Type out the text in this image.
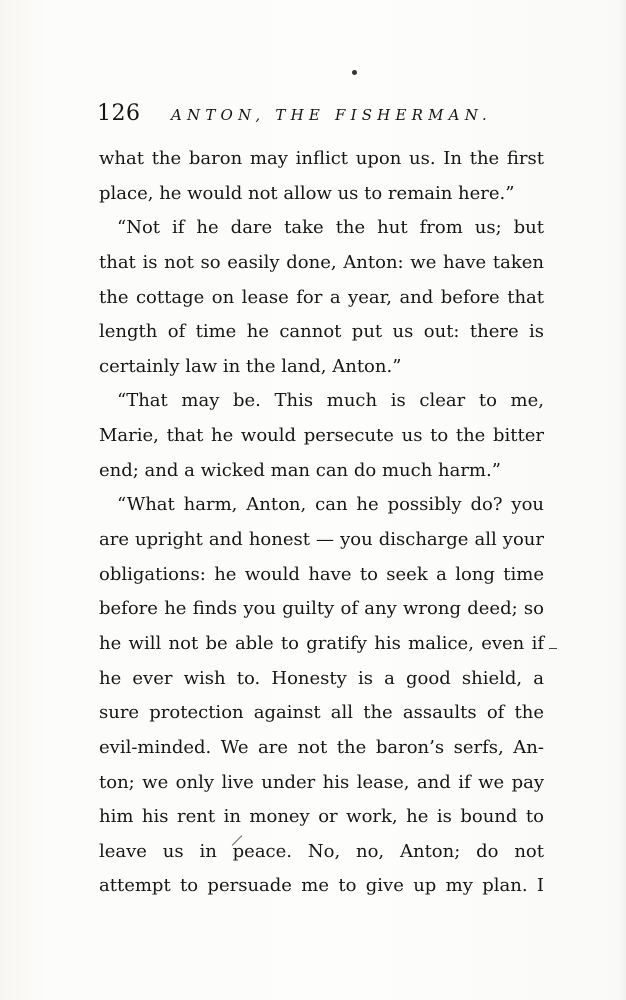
126 ANTON, THE FISHERMAN.
what the baron may inflict upon us. In the first
place, he would not allow us to remain here.”
“Not if he dare take the hut from us; but
that is not so easily done, Anton: we have taken
the cottage on lease for a year, and before that
length of time he cannot put us out: there is
certainly law in the land, Anton.”
“That may be. This much is clear to me,
Marie, that he would persecute us to the bitter
end; and a wicked man can do much harm.”
“What harm, Anton, can he possibly do? you
are upright and honest — you discharge all your
obligations: he would have to seek a long time
before he finds you guilty of any wrong deed; so
he will not be able to gratify his malice, even if
he ever wish to. Honesty is a good shield, a
sure protection against all the assaults of the
evil-minded. We are not the baron’s serfs, An-
ton; we only live under his lease, and if we pay
him his rent in money or work, he is bound to
leave us in peace. No, no, Anton; do not
attempt to persuade me to give up my plan. I
